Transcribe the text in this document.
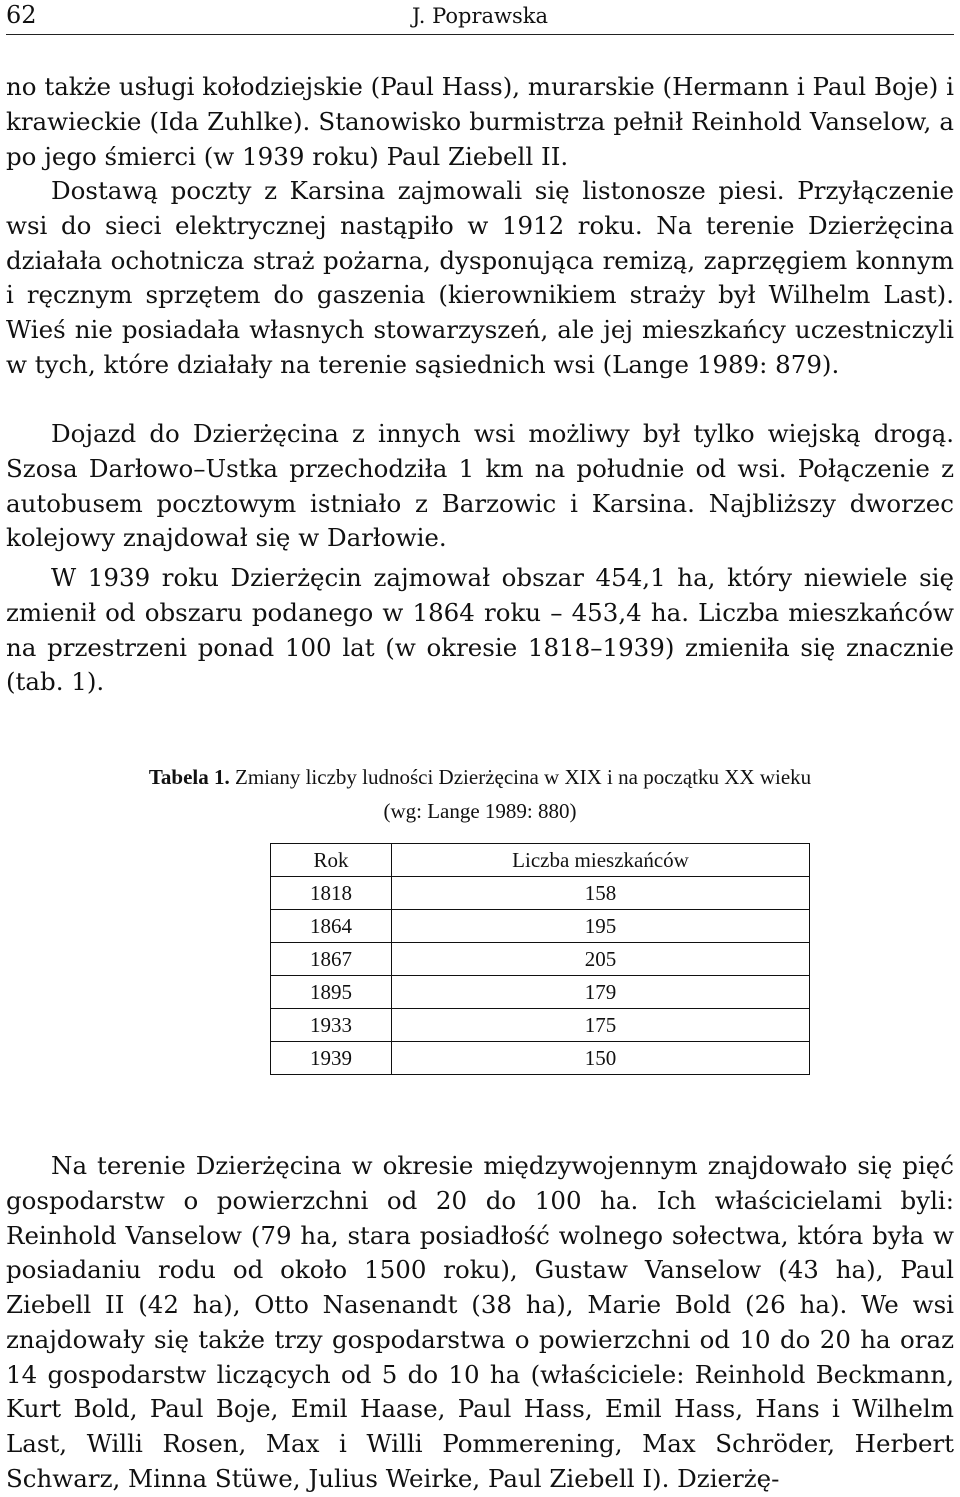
62	J. Poprawska

no także usługi kołodziejskie (Paul Hass), murarskie (Hermann i Paul Boje) i krawieckie (Ida Zuhlke). Stanowisko burmistrza pełnił Reinhold Vanselow, a po jego śmierci (w 1939 roku) Paul Ziebell II.

Dostawą poczty z Karsina zajmowali się listonosze piesi. Przyłączenie wsi do sieci elektrycznej nastąpiło w 1912 roku. Na terenie Dzierżęcina działała ochotnicza straż pożarna, dysponująca remizą, zaprzęgiem konnym i ręcznym sprzętem do gaszenia (kierownikiem straży był Wilhelm Last). Wieś nie posiadała własnych stowarzyszeń, ale jej mieszkańcy uczestniczyli w tych, które działały na terenie sąsiednich wsi (Lange 1989: 879).

Dojazd do Dzierżęcina z innych wsi możliwy był tylko wiejską drogą. Szosa Darłowo–Ustka przechodziła 1 km na południe od wsi. Połączenie z autobusem pocztowym istniało z Barzowic i Karsina. Najbliższy dworzec kolejowy znajdował się w Darłowie.

W 1939 roku Dzierżęcin zajmował obszar 454,1 ha, który niewiele się zmienił od obszaru podanego w 1864 roku – 453,4 ha. Liczba mieszkańców na przestrzeni ponad 100 lat (w okresie 1818–1939) zmieniła się znacznie (tab. 1).

Tabela 1. Zmiany liczby ludności Dzierżęcina w XIX i na początku XX wieku
(wg: Lange 1989: 880)
Rok	Liczba mieszkańców
1818	158
1864	195
1867	205
1895	179
1933	175
1939	150

Na terenie Dzierżęcina w okresie międzywojennym znajdowało się pięć gospodarstw o powierzchni od 20 do 100 ha. Ich właścicielami byli: Reinhold Vanselow (79 ha, stara posiadłość wolnego sołectwa, która była w posiadaniu rodu od około 1500 roku), Gustaw Vanselow (43 ha), Paul Ziebell II (42 ha), Otto Nasenandt (38 ha), Marie Bold (26 ha). We wsi znajdowały się także trzy gospodarstwa o powierzchni od 10 do 20 ha oraz 14 gospodarstw liczących od 5 do 10 ha (właściciele: Reinhold Beckmann, Kurt Bold, Paul Boje, Emil Haase, Paul Hass, Emil Hass, Hans i Wilhelm Last, Willi Rosen, Max i Willi Pommerening, Max Schröder, Herbert Schwarz, Minna Stüwe, Julius Weirke, Paul Ziebell I). Dzierżę-
